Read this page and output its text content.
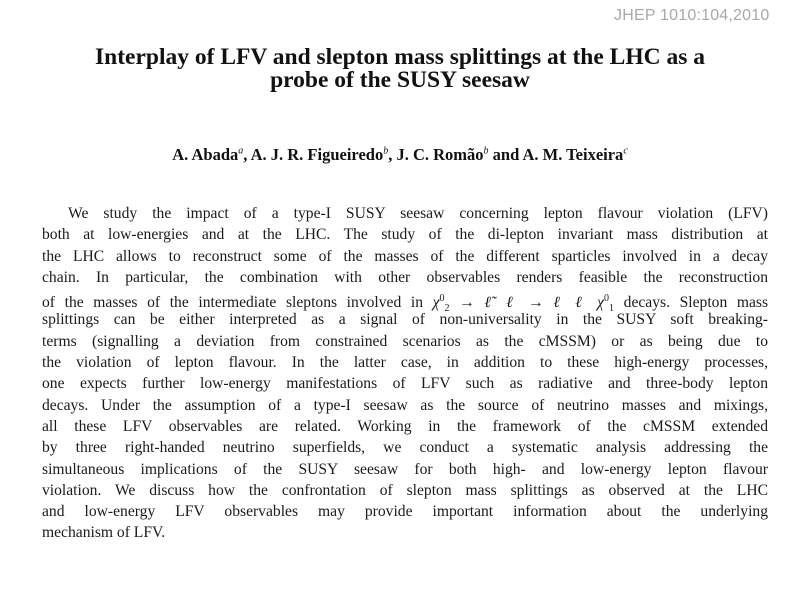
JHEP 1010:104,2010
Interplay of LFV and slepton mass splittings at the LHC as a
probe of the SUSY seesaw
A. Abada$^a$, A. J. R. Figueiredo$^b$, J. C. Romão$^b$ and A. M. Teixeira$^c$
We study the impact of a type-I SUSY seesaw concerning lepton flavour violation (LFV)
both at low-energies and at the LHC. The study of the di-lepton invariant mass distribution at
the LHC allows to reconstruct some of the masses of the different sparticles involved in a decay
chain. In particular, the combination with other observables renders feasible the reconstruction
of the masses of the intermediate sleptons involved in $\chi^0_2$ → ℓ̃ ℓ → ℓ ℓ $\chi^0_1$ decays. Slepton mass
splittings can be either interpreted as a signal of non-universality in the SUSY soft breaking-
terms (signalling a deviation from constrained scenarios as the cMSSM) or as being due to
the violation of lepton flavour. In the latter case, in addition to these high-energy processes,
one expects further low-energy manifestations of LFV such as radiative and three-body lepton
decays. Under the assumption of a type-I seesaw as the source of neutrino masses and mixings,
all these LFV observables are related. Working in the framework of the cMSSM extended
by three right-handed neutrino superfields, we conduct a systematic analysis addressing the
simultaneous implications of the SUSY seesaw for both high- and low-energy lepton flavour
violation. We discuss how the confrontation of slepton mass splittings as observed at the LHC
and low-energy LFV observables may provide important information about the underlying
mechanism of LFV.
